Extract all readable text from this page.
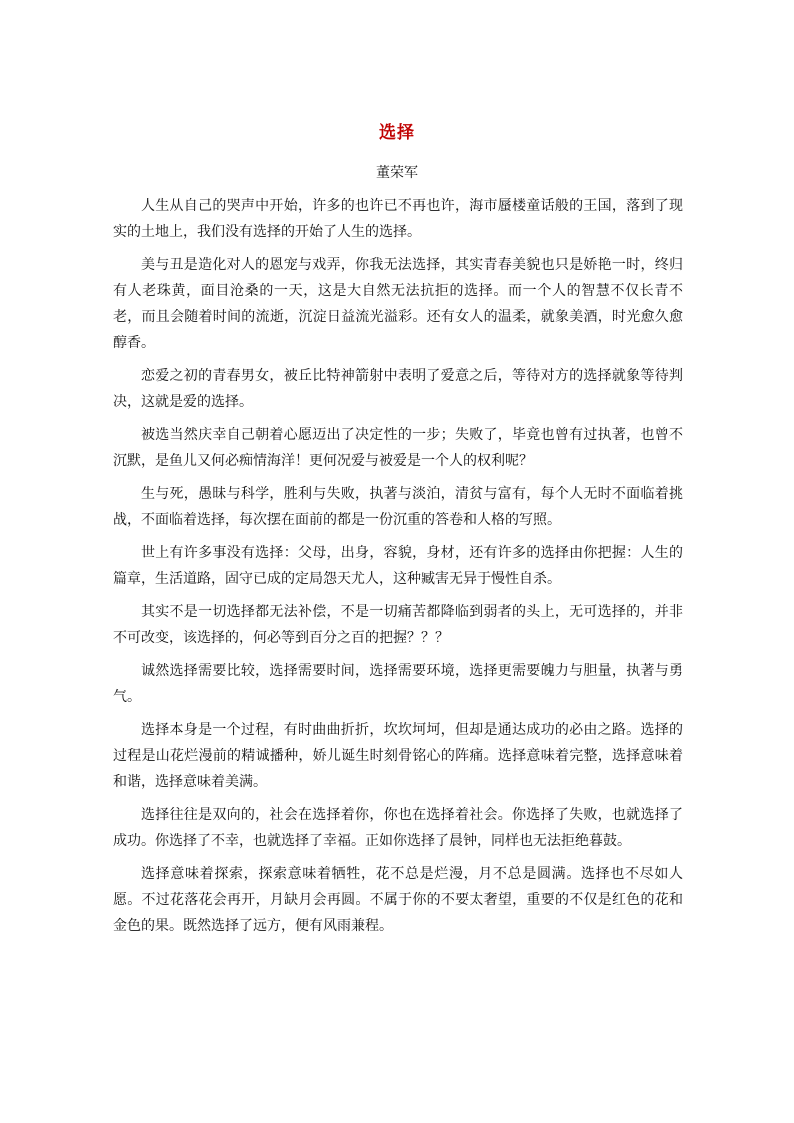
选择
董荣军

人生从自己的哭声中开始，许多的也许已不再也许，海市蜃楼童话般的王国，落到了现实的土地上，我们没有选择的开始了人生的选择。

美与丑是造化对人的恩宠与戏弄，你我无法选择，其实青春美貌也只是娇艳一时，终归有人老珠黄，面目沧桑的一天，这是大自然无法抗拒的选择。而一个人的智慧不仅长青不老，而且会随着时间的流逝，沉淀日益流光溢彩。还有女人的温柔，就象美酒，时光愈久愈醇香。

恋爱之初的青春男女，被丘比特神箭射中表明了爱意之后，等待对方的选择就象等待判决，这就是爱的选择。

被选当然庆幸自己朝着心愿迈出了决定性的一步；失败了，毕竟也曾有过执著，也曾不沉默，是鱼儿又何必痴情海洋！更何况爱与被爱是一个人的权利呢？

生与死，愚昧与科学，胜利与失败，执著与淡泊，清贫与富有，每个人无时不面临着挑战，不面临着选择，每次摆在面前的都是一份沉重的答卷和人格的写照。

世上有许多事没有选择：父母，出身，容貌，身材，还有许多的选择由你把握：人生的篇章，生活道路，固守已成的定局怨天尤人，这种臧害无异于慢性自杀。

其实不是一切选择都无法补偿，不是一切痛苦都降临到弱者的头上，无可选择的，并非不可改变，该选择的，何必等到百分之百的把握？？？

诚然选择需要比较，选择需要时间，选择需要环境，选择更需要魄力与胆量，执著与勇气。

选择本身是一个过程，有时曲曲折折，坎坎坷坷，但却是通达成功的必由之路。选择的过程是山花烂漫前的精诚播种，娇儿诞生时刻骨铭心的阵痛。选择意味着完整，选择意味着和谐，选择意味着美满。

选择往往是双向的，社会在选择着你，你也在选择着社会。你选择了失败，也就选择了成功。你选择了不幸，也就选择了幸福。正如你选择了晨钟，同样也无法拒绝暮鼓。

选择意味着探索，探索意味着牺牲，花不总是烂漫，月不总是圆满。选择也不尽如人愿。不过花落花会再开，月缺月会再圆。不属于你的不要太奢望，重要的不仅是红色的花和金色的果。既然选择了远方，便有风雨兼程。
